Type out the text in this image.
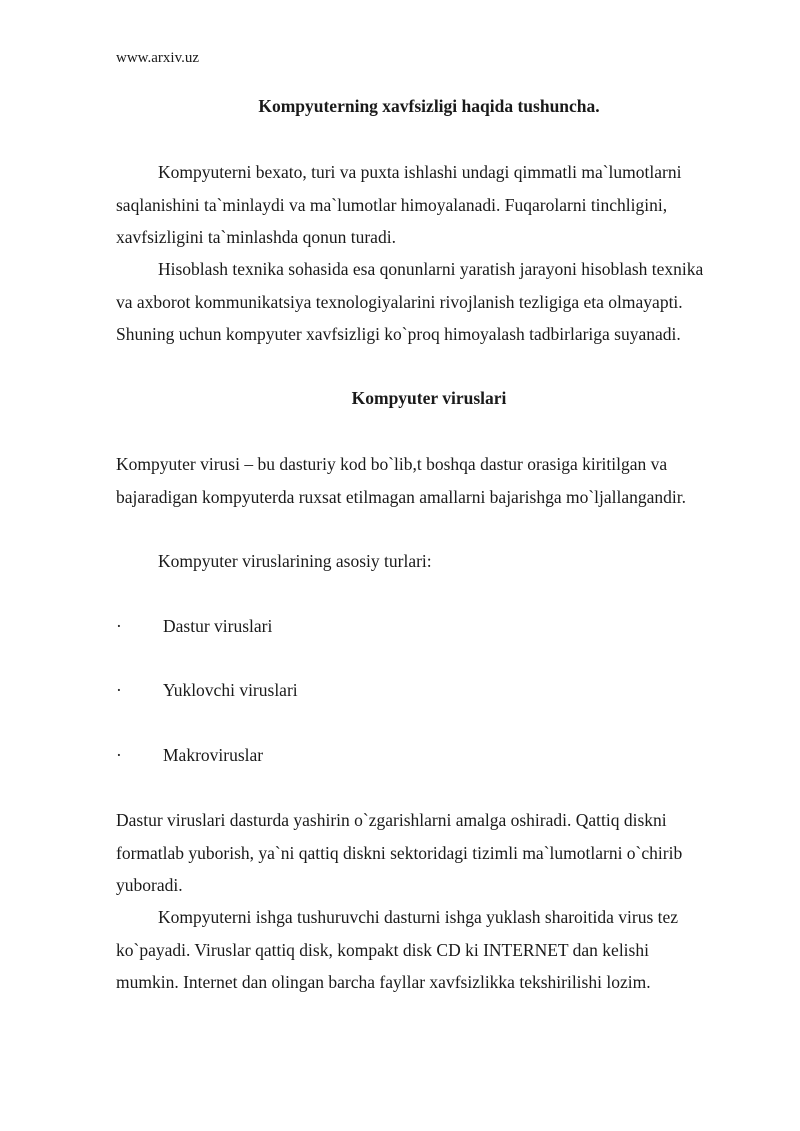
www.arxiv.uz
Kompyuterning xavfsizligi haqida tushuncha.
Kompyuterni bexato, turi va puxta ishlashi undagi qimmatli ma`lumotlarni
saqlanishini ta`minlaydi va ma`lumotlar himoyalanadi. Fuqarolarni tinchligini,
xavfsizligini ta`minlashda qonun turadi.
Hisoblash texnika sohasida esa qonunlarni yaratish jarayoni hisoblash texnika
va axborot kommunikatsiya texnologiyalarini rivojlanish tezligiga eta olmayapti.
Shuning uchun kompyuter xavfsizligi ko`proq himoyalash tadbirlariga suyanadi.
Kompyuter viruslari
Kompyuter virusi – bu dasturiy kod bo`lib,t boshqa dastur orasiga kiritilgan va
bajaradigan kompyuterda ruxsat etilmagan amallarni bajarishga mo`ljallangandir.
Kompyuter viruslarining asosiy turlari:
· Dastur viruslari
· Yuklovchi viruslari
· Makroviruslar
Dastur viruslari dasturda yashirin o`zgarishlarni amalga oshiradi. Qattiq diskni
formatlab yuborish, ya`ni qattiq diskni sektoridagi tizimli ma`lumotlarni o`chirib
yuboradi.
Kompyuterni ishga tushuruvchi dasturni ishga yuklash sharoitida virus tez
ko`payadi. Viruslar qattiq disk, kompakt disk CD ki INTERNET dan kelishi
mumkin. Internet dan olingan barcha fayllar xavfsizlikka tekshirilishi lozim.
